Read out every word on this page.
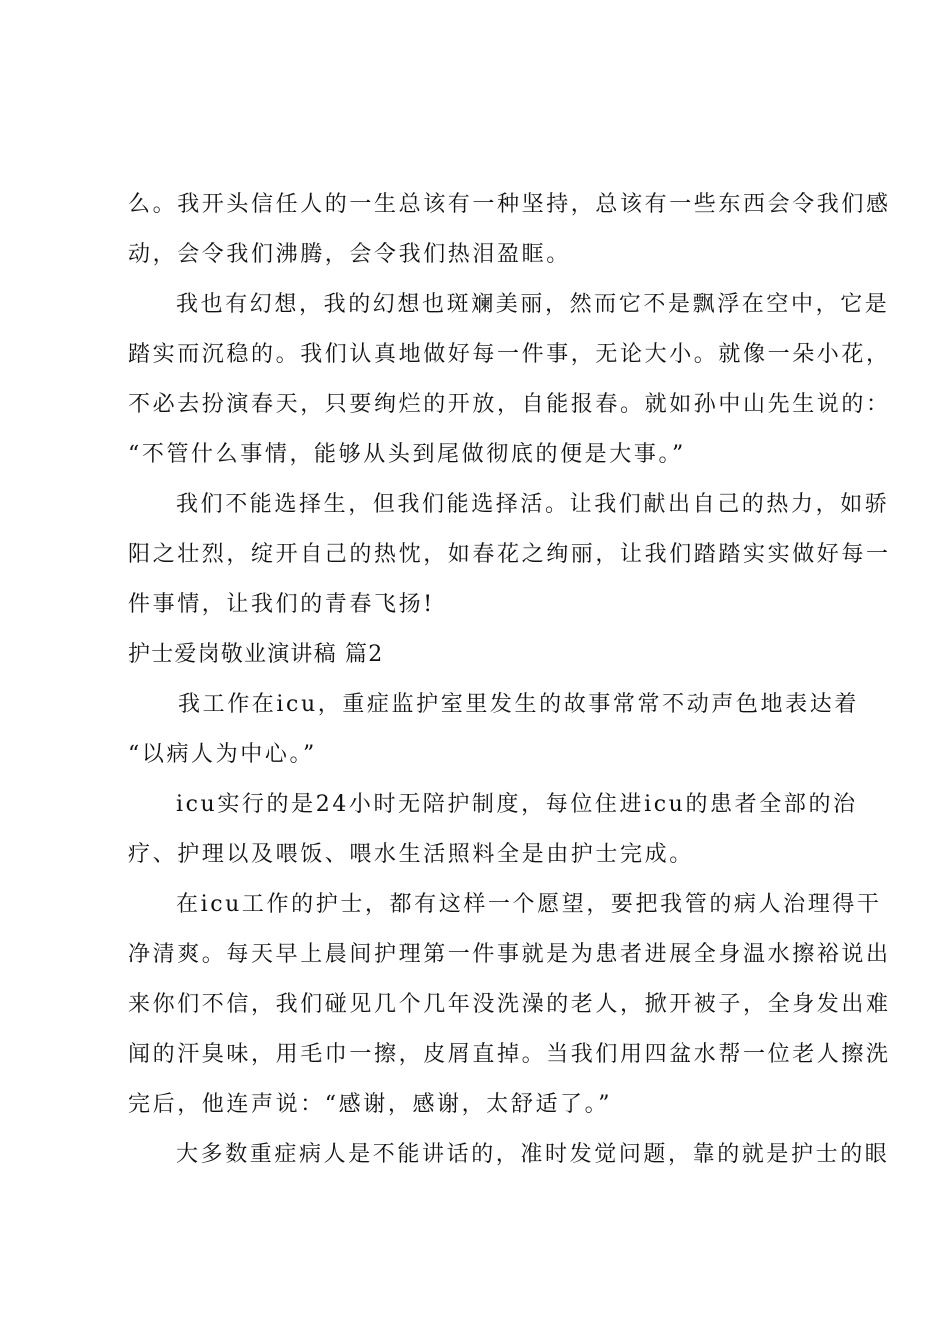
么。我开头信任人的一生总该有一种坚持，总该有一些东西会令我们感
动，会令我们沸腾，会令我们热泪盈眶。
我也有幻想，我的幻想也斑斓美丽，然而它不是飘浮在空中，它是
踏实而沉稳的。我们认真地做好每一件事，无论大小。就像一朵小花，
不必去扮演春天，只要绚烂的开放，自能报春。就如孙中山先生说的：
“不管什么事情，能够从头到尾做彻底的便是大事。”
我们不能选择生，但我们能选择活。让我们献出自己的热力，如骄
阳之壮烈，绽开自己的热忱，如春花之绚丽，让我们踏踏实实做好每一
件事情，让我们的青春飞扬!
护士爱岗敬业演讲稿 篇2
我工作在icu，重症监护室里发生的故事常常不动声色地表达着
“以病人为中心。”
icu实行的是24小时无陪护制度，每位住进icu的患者全部的治
疗、护理以及喂饭、喂水生活照料全是由护士完成。
在icu工作的护士，都有这样一个愿望，要把我管的病人治理得干
净清爽。每天早上晨间护理第一件事就是为患者进展全身温水擦裕说出
来你们不信，我们碰见几个几年没洗澡的老人，掀开被子，全身发出难
闻的汗臭味，用毛巾一擦，皮屑直掉。当我们用四盆水帮一位老人擦洗
完后，他连声说：“感谢，感谢，太舒适了。”
大多数重症病人是不能讲话的，准时发觉问题，靠的就是护士的眼
